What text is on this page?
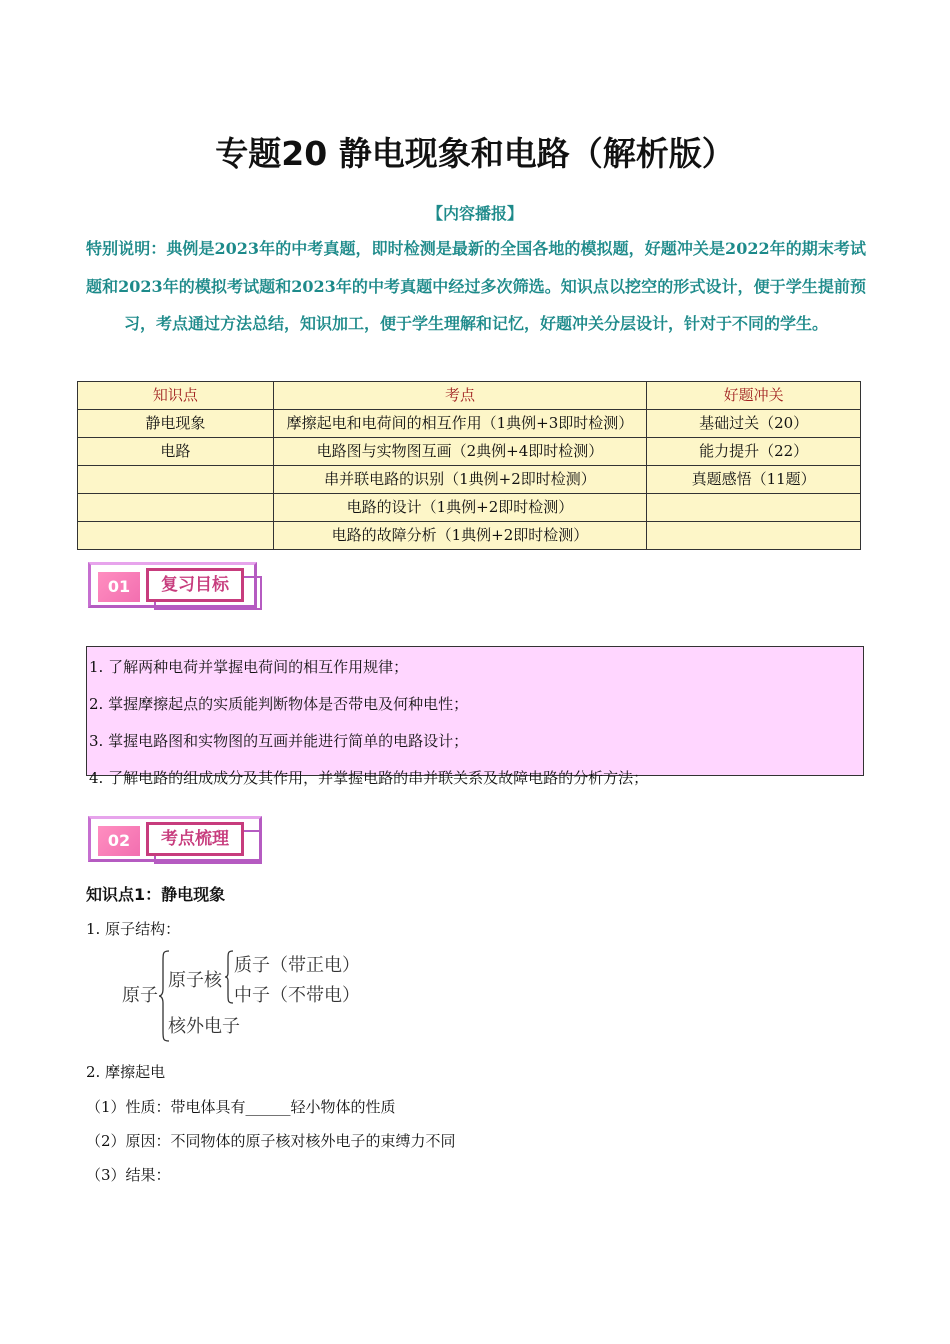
专题20 静电现象和电路（解析版）
【内容播报】
特别说明：典例是2023年的中考真题，即时检测是最新的全国各地的模拟题，好题冲关是2022年的期末考试题和2023年的模拟考试题和2023年的中考真题中经过多次筛选。知识点以挖空的形式设计，便于学生提前预习，考点通过方法总结，知识加工，便于学生理解和记忆，好题冲关分层设计，针对于不同的学生。
知识点	考点	好题冲关
静电现象	摩擦起电和电荷间的相互作用（1典例+3即时检测）	基础过关（20）
电路	电路图与实物图互画（2典例+4即时检测）	能力提升（22）
	串并联电路的识别（1典例+2即时检测）	真题感悟（11题）
	电路的设计（1典例+2即时检测）	
	电路的故障分析（1典例+2即时检测）	
01	复习目标
1. 了解两种电荷并掌握电荷间的相互作用规律；
2. 掌握摩擦起点的实质能判断物体是否带电及何种电性；
3. 掌握电路图和实物图的互画并能进行简单的电路设计；
4. 了解电路的组成成分及其作用，并掌握电路的串并联关系及故障电路的分析方法；
02	考点梳理
知识点1：静电现象
1. 原子结构：
原子
原子核
质子（带正电）
中子（不带电）
核外电子
2. 摩擦起电
（1）性质：带电体具有______轻小物体的性质
（2）原因：不同物体的原子核对核外电子的束缚力不同
（3）结果：
